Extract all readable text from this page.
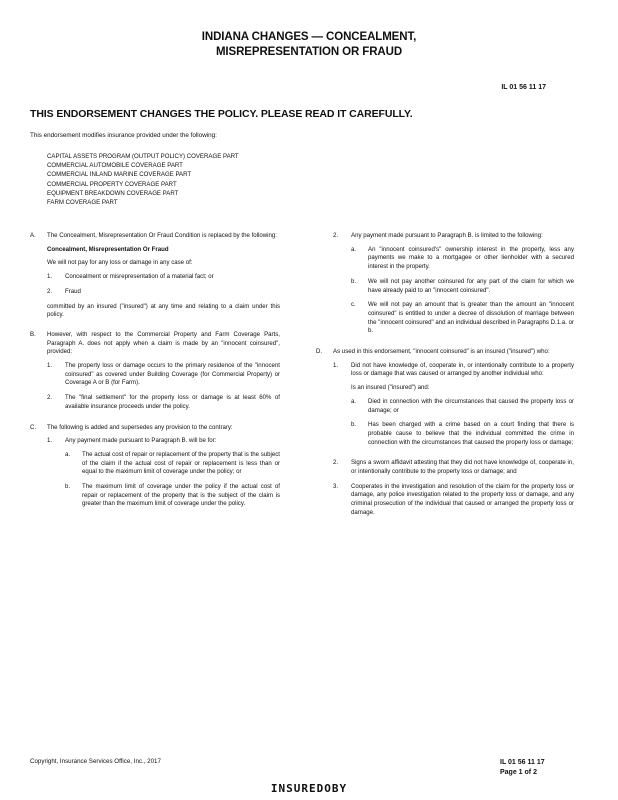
INDIANA CHANGES — CONCEALMENT,
MISREPRESENTATION OR FRAUD
IL 01 56 11 17
THIS ENDORSEMENT CHANGES THE POLICY. PLEASE READ IT CAREFULLY.
This endorsement modifies insurance provided under the following:
CAPITAL ASSETS PROGRAM (OUTPUT POLICY) COVERAGE PART
COMMERCIAL AUTOMOBILE COVERAGE PART
COMMERCIAL INLAND MARINE COVERAGE PART
COMMERCIAL PROPERTY COVERAGE PART
EQUIPMENT BREAKDOWN COVERAGE PART
FARM COVERAGE PART
A.	The Concealment, Misrepresentation Or Fraud Condition is replaced by the following:

Concealment, Misrepresentation Or Fraud

We will not pay for any loss or damage in any case of:

1.	Concealment or misrepresentation of a material fact; or
2.	Fraud

committed by an insured ("insured") at any time and relating to a claim under this policy.

B.	However, with respect to the Commercial Property and Farm Coverage Parts, Paragraph A. does not apply when a claim is made by an "innocent coinsured", provided:

1.	The property loss or damage occurs to the primary residence of the "innocent coinsured" as covered under Building Coverage (for Commercial Property) or Coverage A or B (for Farm).
2.	The "final settlement" for the property loss or damage is at least 60% of available insurance proceeds under the policy.
C.	The following is added and supersedes any provision to the contrary:

1.	Any payment made pursuant to Paragraph B. will be for:

a.	The actual cost of repair or replacement of the property that is the subject of the claim if the actual cost of repair or replacement is less than or equal to the maximum limit of coverage under the policy; or
b.	The maximum limit of coverage under the policy if the actual cost of repair or replacement of the property that is the subject of the claim is greater than the maximum limit of coverage under the policy.
2.	Any payment made pursuant to Paragraph B. is limited to the following:

a.	An "innocent coinsured's" ownership interest in the property, less any payments we make to a mortgagee or other lienholder with a secured interest in the property.
b.	We will not pay another coinsured for any part of the claim for which we have already paid to an "innocent coinsured".
c.	We will not pay an amount that is greater than the amount an "innocent coinsured" is entitled to under a decree of dissolution of marriage between the "innocent coinsured" and an individual described in Paragraphs D.1.a. or b.
D.	As used in this endorsement, "innocent coinsured" is an insured ("insured") who:

1.	Did not have knowledge of, cooperate in, or intentionally contribute to a property loss or damage that was caused or arranged by another individual who:

Is an insured ("insured") and:

a.	Died in connection with the circumstances that caused the property loss or damage; or
b.	Has been charged with a crime based on a court finding that there is probable cause to believe that the individual committed the crime in connection with the circumstances that caused the property loss or damage;
2.	Signs a sworn affidavit attesting that they did not have knowledge of, cooperate in, or intentionally contribute to the property loss or damage; and
3.	Cooperates in the investigation and resolution of the claim for the property loss or damage, any police investigation related to the property loss or damage, and any criminal prosecution of the individual that caused or arranged the property loss or damage.
Copyright, Insurance Services Office, Inc., 2017	IL 01 56 11 17
Page 1 of 2
INSUREDOBY
